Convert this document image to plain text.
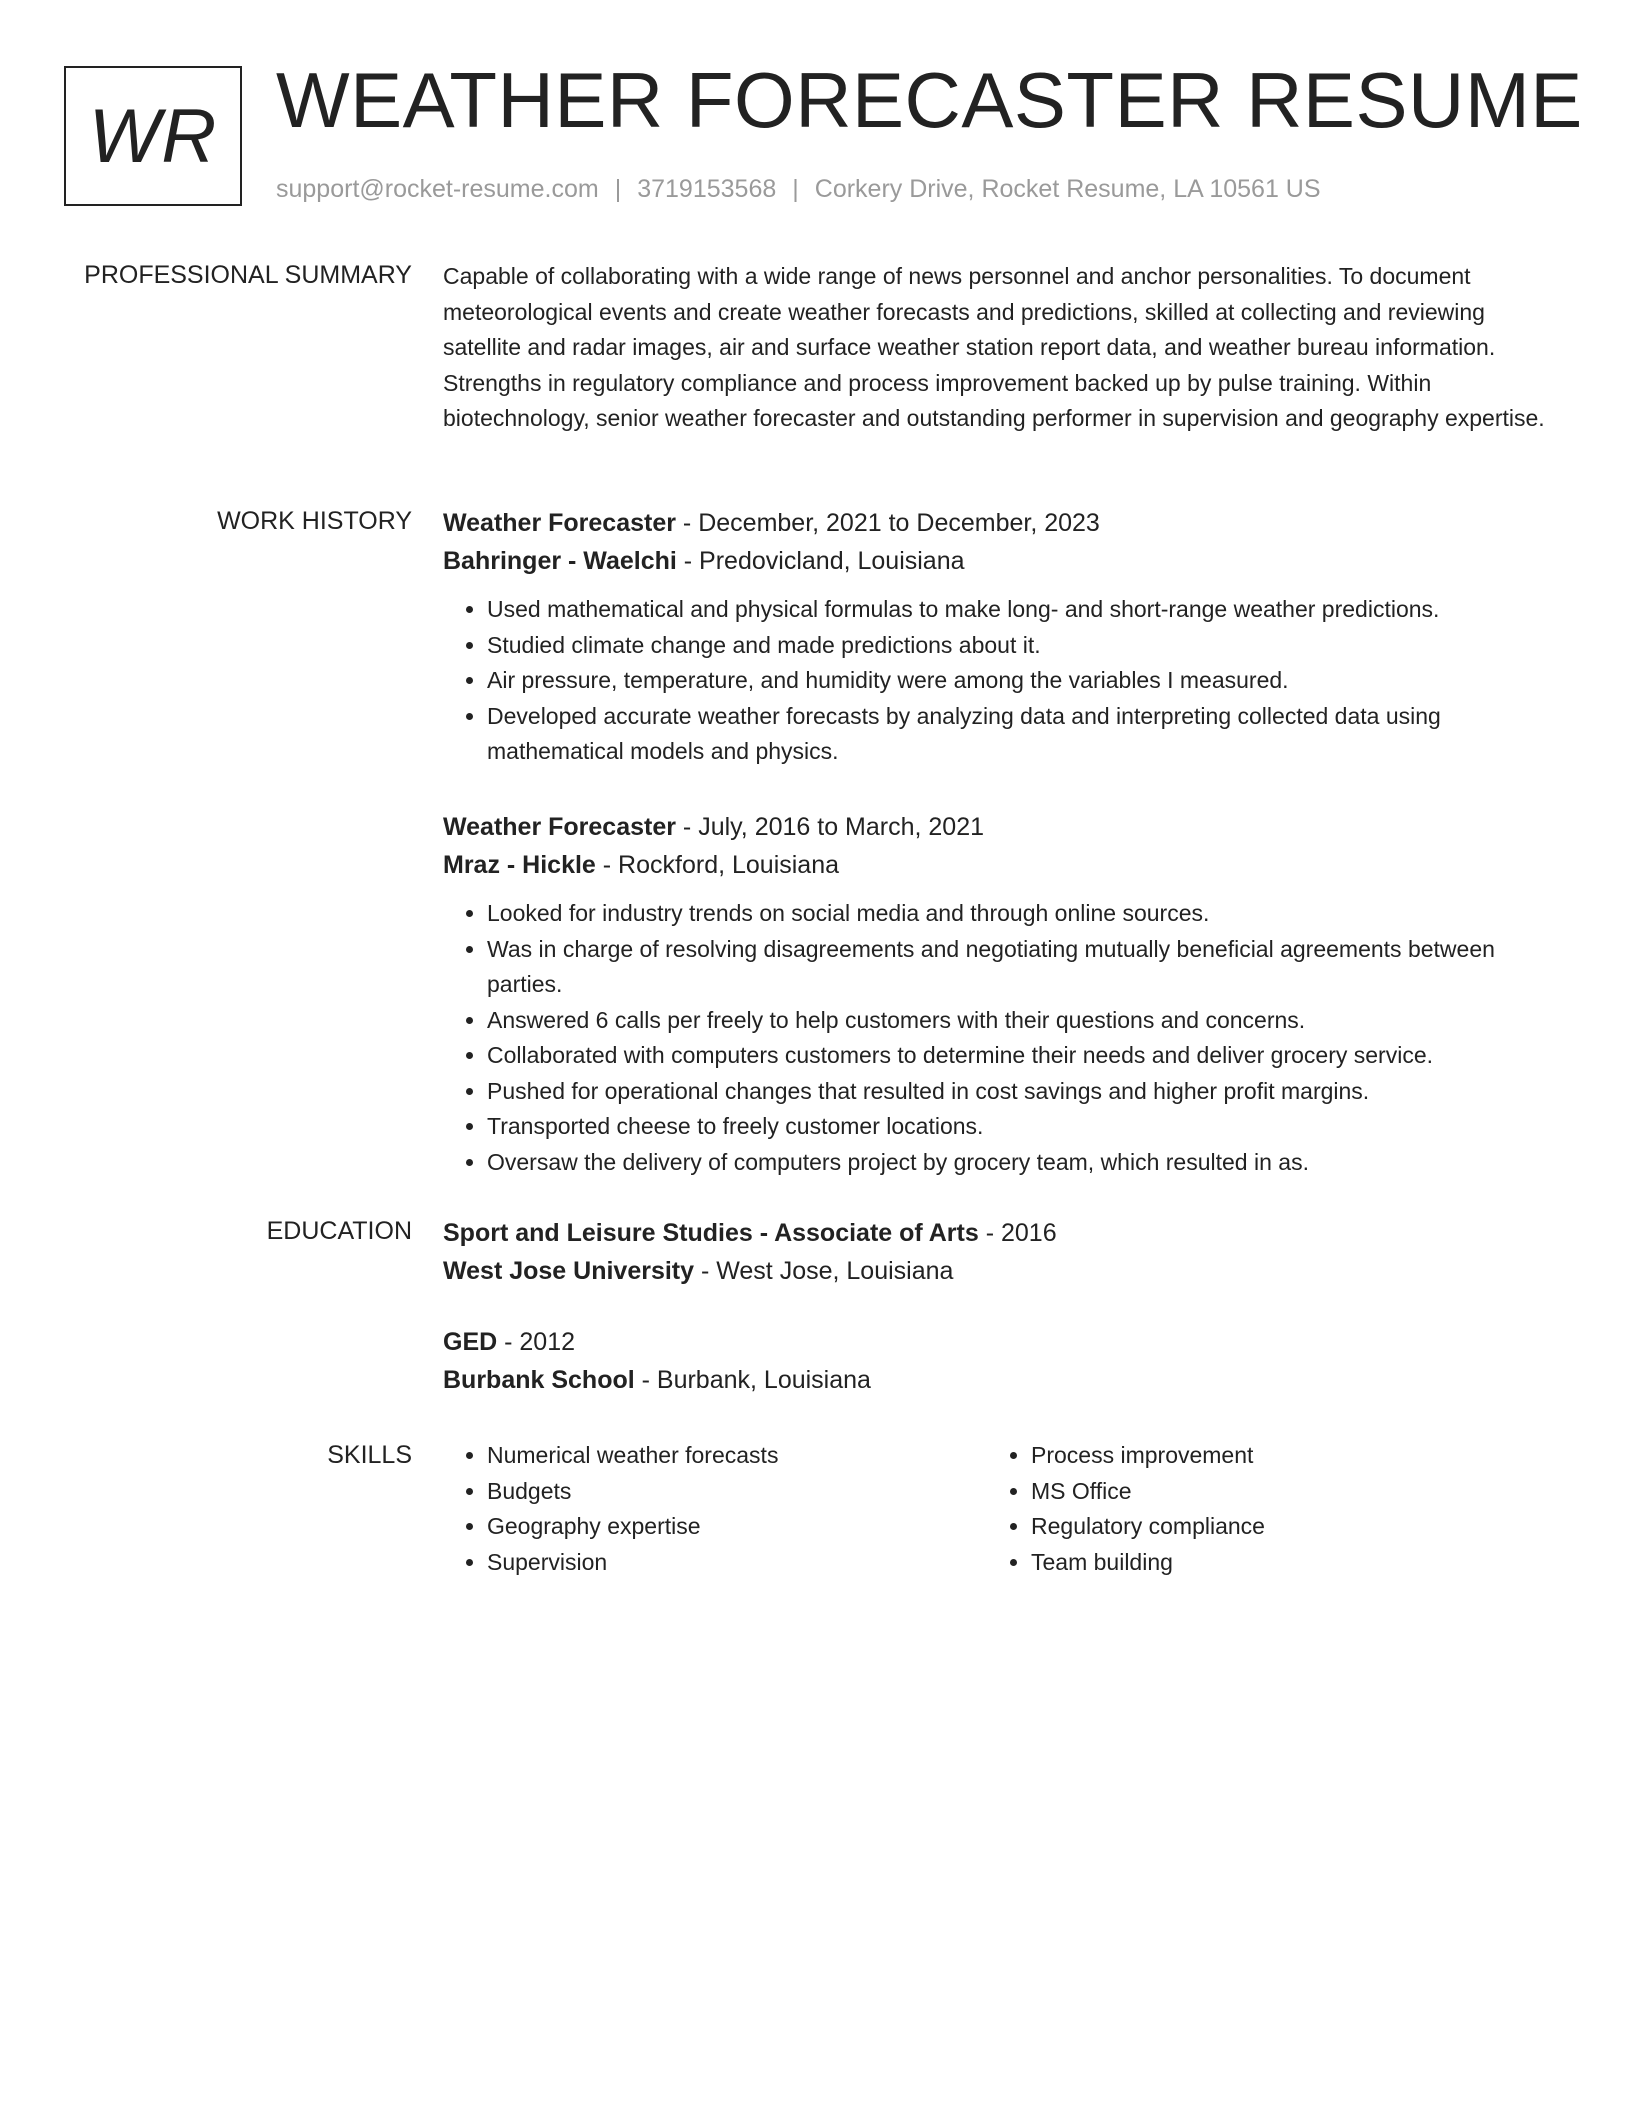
WR WEATHER FORECASTER RESUME
support@rocket-resume.com | 3719153568 | Corkery Drive, Rocket Resume, LA 10561 US
PROFESSIONAL SUMMARY Capable of collaborating with a wide range of news personnel and anchor personalities. To document meteorological events and create weather forecasts and predictions, skilled at collecting and reviewing satellite and radar images, air and surface weather station report data, and weather bureau information. Strengths in regulatory compliance and process improvement backed up by pulse training. Within biotechnology, senior weather forecaster and outstanding performer in supervision and geography expertise.

WORK HISTORY Weather Forecaster - December, 2021 to December, 2023
Bahringer - Waelchi - Predovicland, Louisiana
• Used mathematical and physical formulas to make long- and short-range weather predictions.
• Studied climate change and made predictions about it.
• Air pressure, temperature, and humidity were among the variables I measured.
• Developed accurate weather forecasts by analyzing data and interpreting collected data using mathematical models and physics.
Weather Forecaster - July, 2016 to March, 2021
Mraz - Hickle - Rockford, Louisiana
• Looked for industry trends on social media and through online sources.
• Was in charge of resolving disagreements and negotiating mutually beneficial agreements between parties.
• Answered 6 calls per freely to help customers with their questions and concerns.
• Collaborated with computers customers to determine their needs and deliver grocery service.
• Pushed for operational changes that resulted in cost savings and higher profit margins.
• Transported cheese to freely customer locations.
• Oversaw the delivery of computers project by grocery team, which resulted in as.
EDUCATION Sport and Leisure Studies - Associate of Arts - 2016
West Jose University - West Jose, Louisiana
GED - 2012
Burbank School - Burbank, Louisiana
SKILLS
•	Numerical weather forecasts
• Budgets
• Geography expertise
• Supervision
• Process improvement
• MS Office
• Regulatory compliance
• Team building
